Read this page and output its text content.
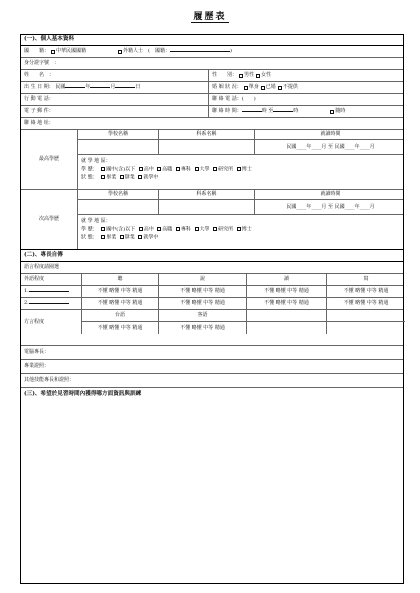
履歷表
(一)、個人基本資料
國　　籍： 中華民國國籍	外籍人士　(　國籍：	)
身分證字號　：
姓　　名　：	性　　別： 男性 女性
出 生 日 期： 民國	年	月	日	婚 姻 狀 況： 單身 已婚 不提供
行 動 電 話：	聯 絡 電 話：(　　)
電 子 郵 件：	聯 絡 時 間：	時 至	時	隨時
聯 絡 地 址：
最高學歷
學校名稱	科系名稱	就讀時間
民國____年____月 至 民國____年____月
就 學 地 區：
學 歷： 國中(含)以下 高中 高職 專科 大學 研究所 博士
狀 態： 畢業 肄業 就學中
次高學歷
學校名稱	科系名稱	就讀時間
民國____年____月 至 民國____年____月
就 學 地 區：
學 歷： 國中(含)以下 高中 高職 專科 大學 研究所 博士
狀 態： 畢業 肄業 就學中
(二)、專長自傳
語言程度請圈選
外語程度	聽	說	讀	寫
1.	不懂 略懂 中等 精通	不懂 略懂 中等 精通	不懂 略懂 中等 精通	不懂 略懂 中等 精通
2.	不懂 略懂 中等 精通	不懂 略懂 中等 精通	不懂 略懂 中等 精通	不懂 略懂 中等 精通
方言程度
台語	客語
不懂 略懂 中等 精通	不懂 略懂 中等 精通
電腦專長：
專業證照：
其他技能專長和證照：
(三)、希望於見習時間內獲得哪方面資訊與訓練
